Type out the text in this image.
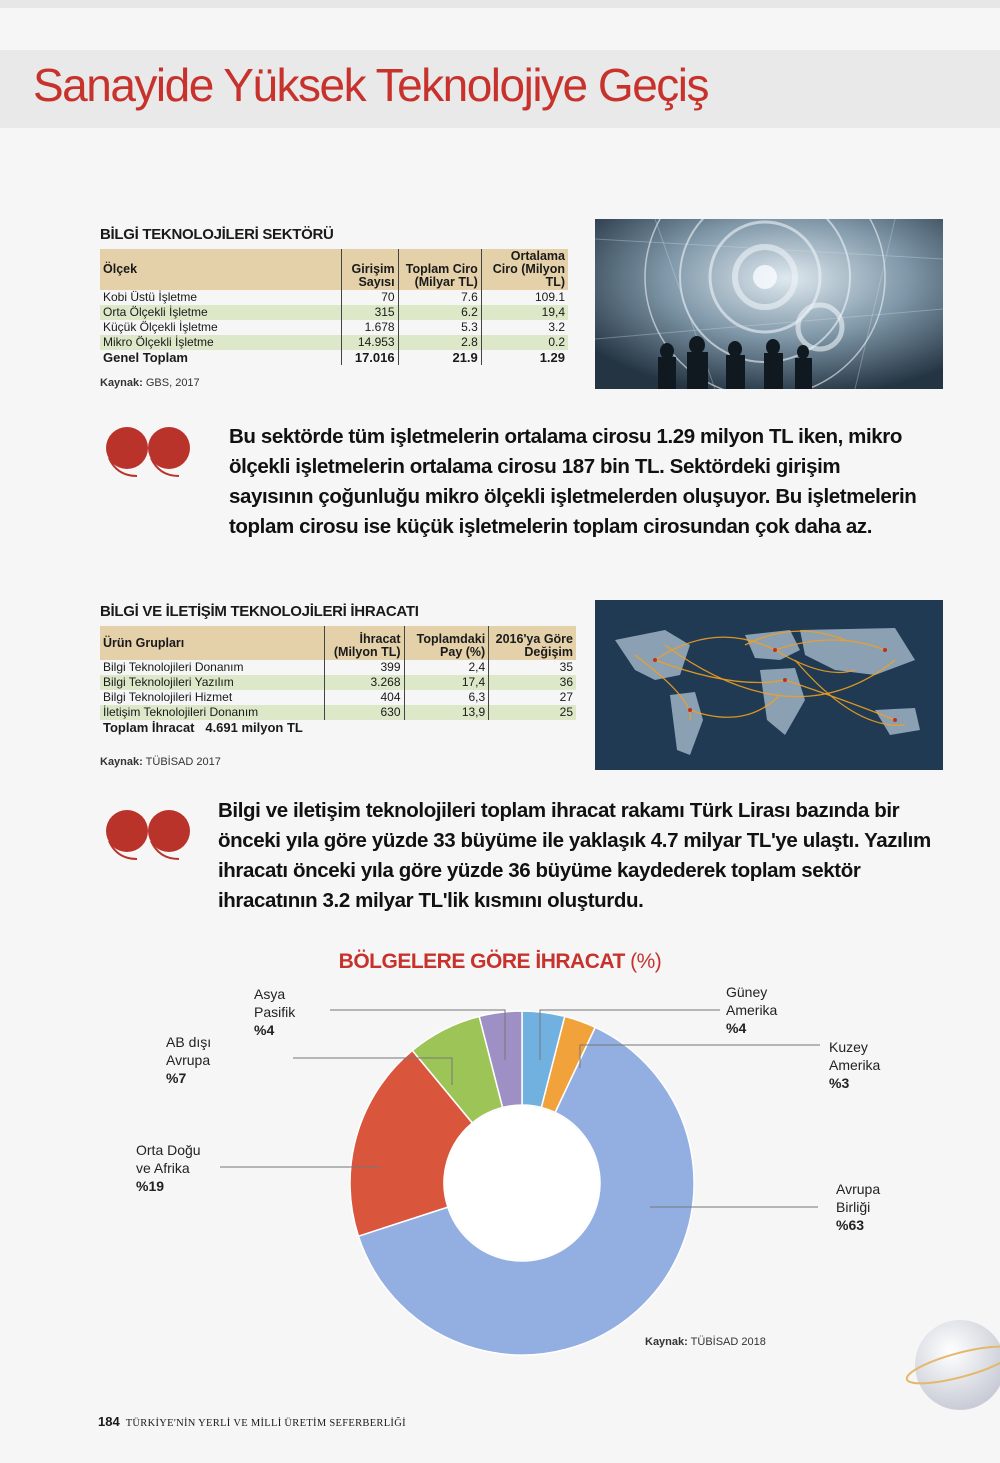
Sanayide Yüksek Teknolojiye Geçiş
BİLGİ TEKNOLOJİLERİ SEKTÖRÜ
Ölçek	Girişim Sayısı	Toplam Ciro (Milyar TL)	Ortalama Ciro (Milyon TL)
Kobi Üstü İşletme	70	7.6	109.1
Orta Ölçekli İşletme	315	6.2	19,4
Küçük Ölçekli İşletme	1.678	5.3	3.2
Mikro Ölçekli İşletme	14.953	2.8	0.2
Genel Toplam	17.016	21.9	1.29
Kaynak: GBS, 2017
Bu sektörde tüm işletmelerin ortalama cirosu 1.29 milyon TL iken, mikro ölçekli işletmelerin ortalama cirosu 187 bin TL. Sektördeki girişim sayısının çoğunluğu mikro ölçekli işletmelerden oluşuyor. Bu işletmelerin toplam cirosu ise küçük işletmelerin toplam cirosundan çok daha az.
BİLGİ VE İLETİŞİM TEKNOLOJİLERİ İHRACATI
Ürün Grupları	İhracat (Milyon TL)	Toplamdaki Pay (%)	2016'ya Göre Değişim
Bilgi Teknolojileri Donanım	399	2,4	35
Bilgi Teknolojileri Yazılım	3.268	17,4	36
Bilgi Teknolojileri Hizmet	404	6,3	27
İletişim Teknolojileri Donanım	630	13,9	25
Toplam İhracat   4.691 milyon TL			
Kaynak: TÜBİSAD 2017
Bilgi ve iletişim teknolojileri toplam ihracat rakamı Türk Lirası bazında bir önceki yıla göre yüzde 33 büyüme ile yaklaşık 4.7 milyar TL'ye ulaştı. Yazılım ihracatı önceki yıla göre yüzde 36 büyüme kaydederek toplam sektör ihracatının 3.2 milyar TL'lik kısmını oluşturdu.
BÖLGELERE GÖRE İHRACAT (%)
Asya
Pasifik
%4
AB dışı
Avrupa
%7
Orta Doğu
ve Afrika
%19
Güney
Amerika
%4
Kuzey
Amerika
%3
Avrupa
Birliği
%63
Kaynak: TÜBİSAD 2018
184 TÜRKİYE'NİN YERLİ VE MİLLİ ÜRETİM SEFERBERLİĞİ
